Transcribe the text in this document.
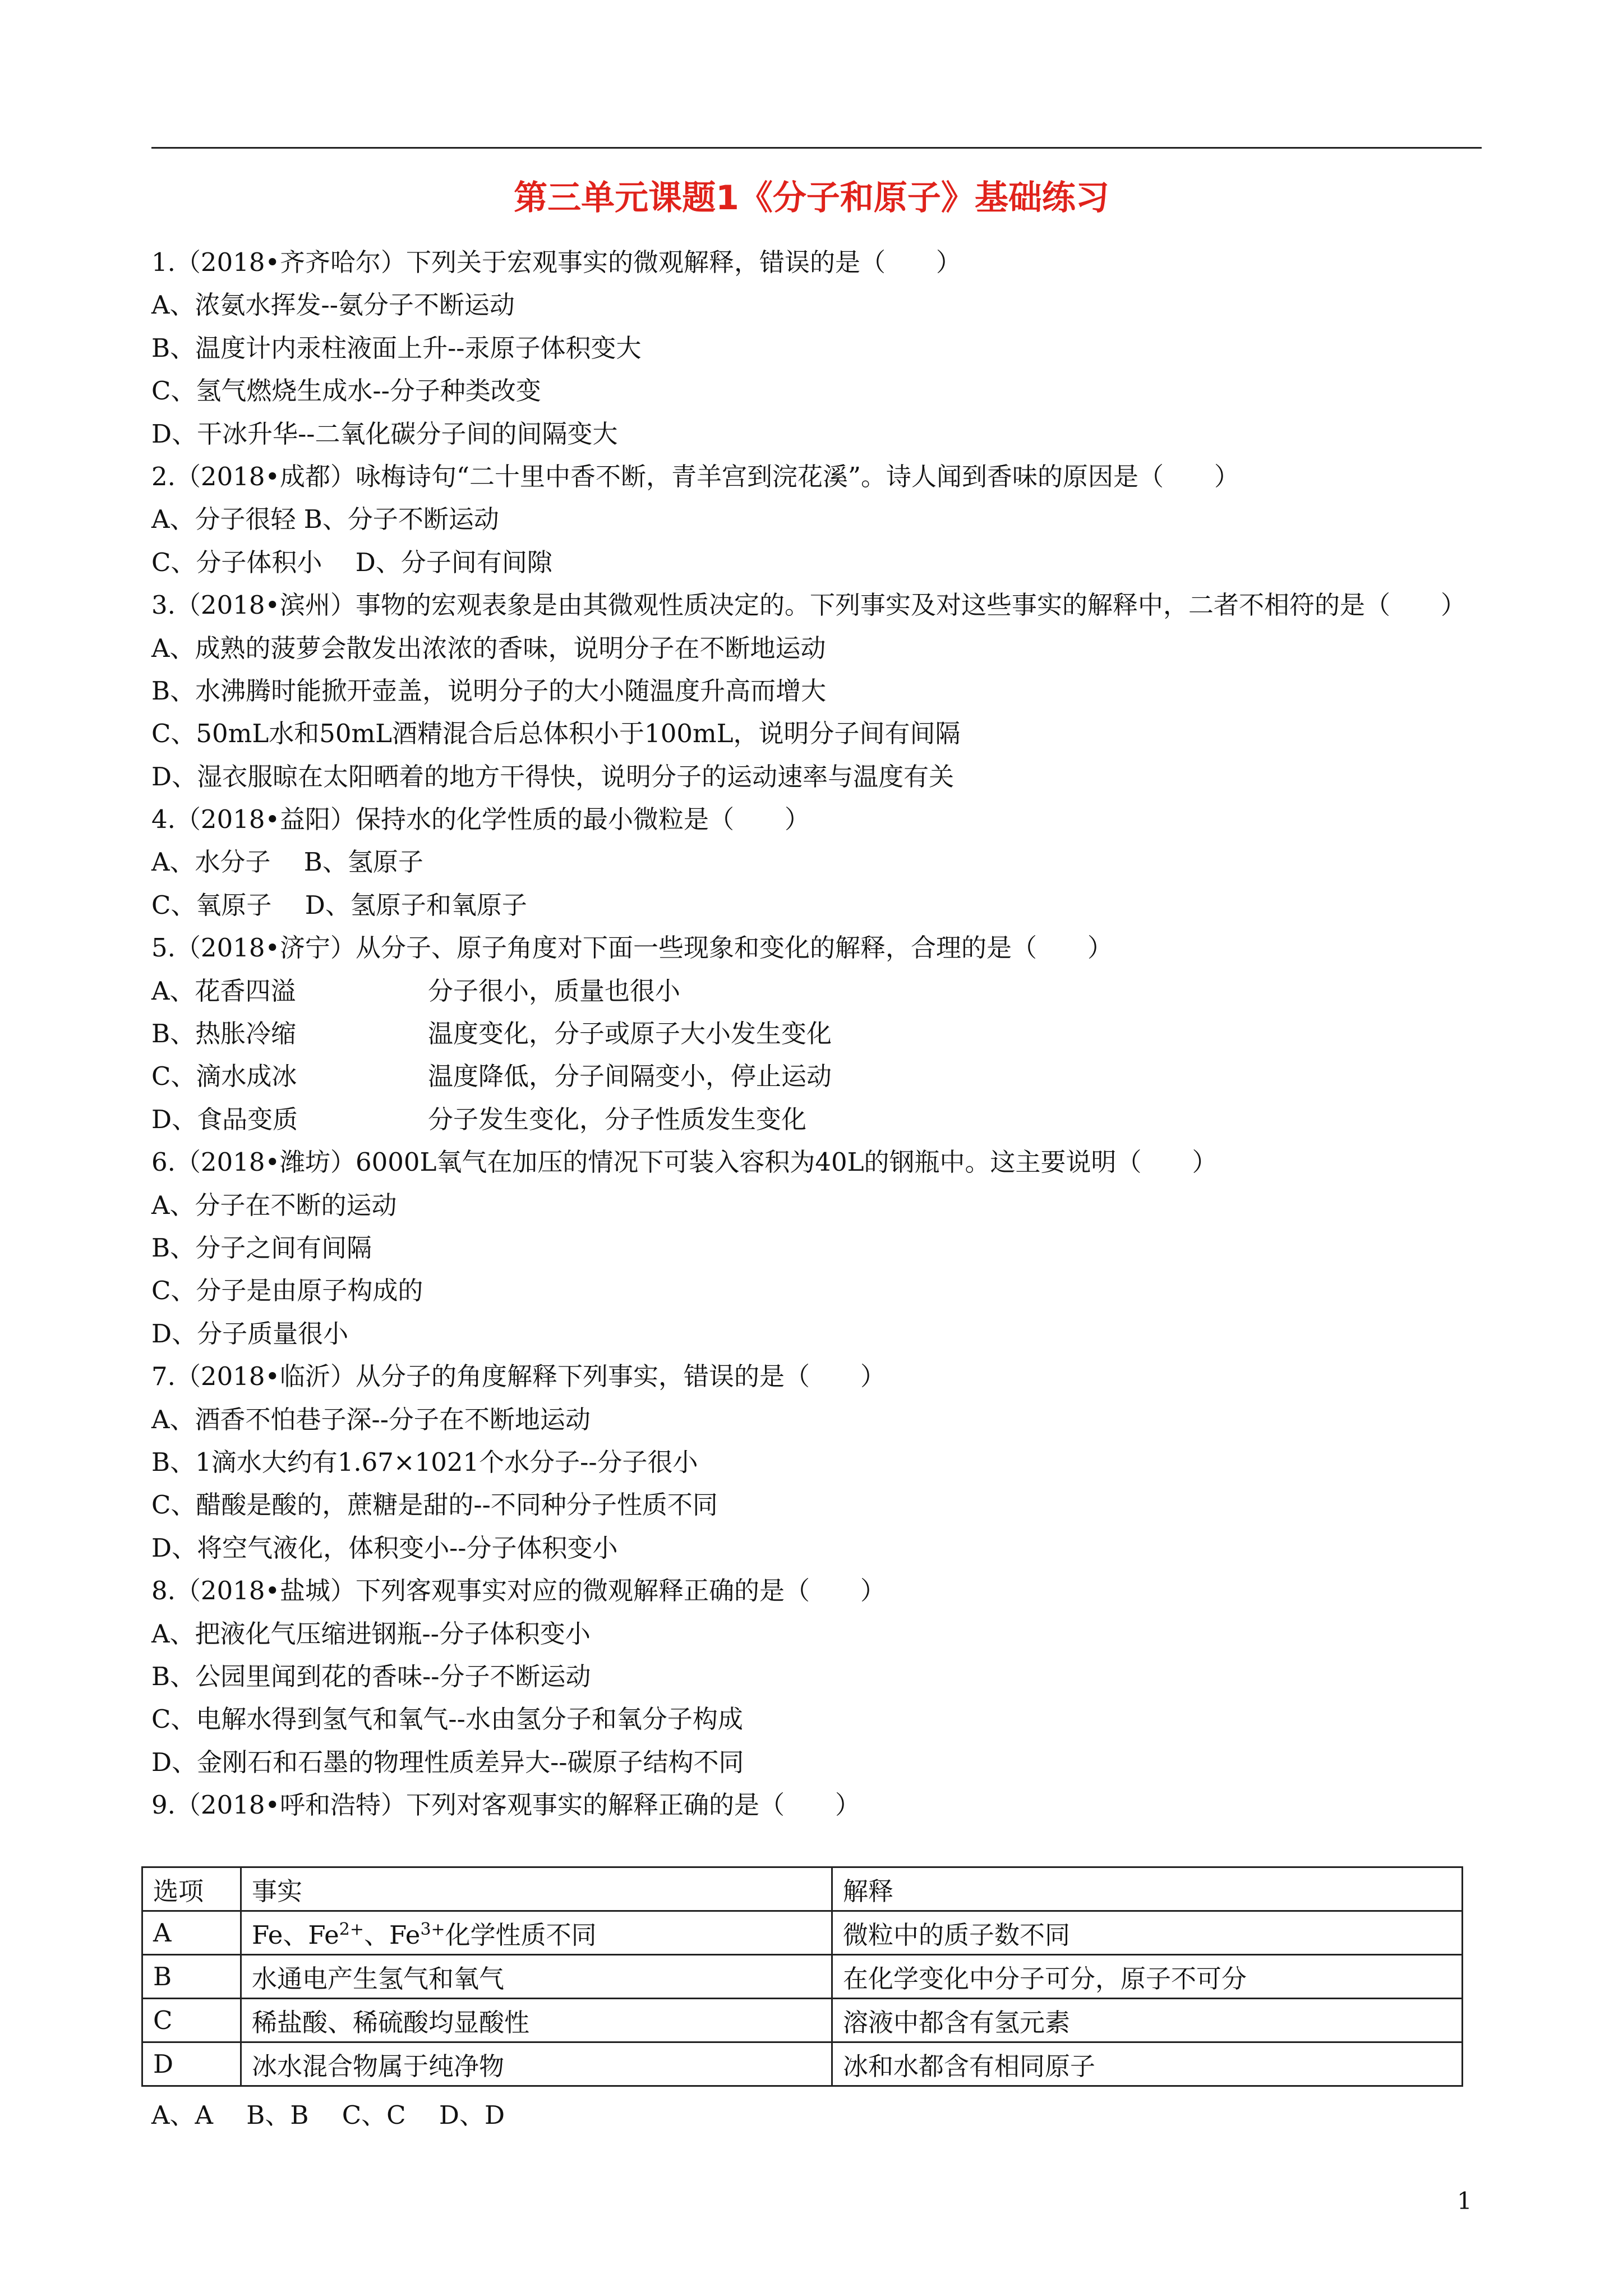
第三单元课题1《分子和原子》基础练习
1.（2018•齐齐哈尔）下列关于宏观事实的微观解释，错误的是（　　）
A、浓氨水挥发--氨分子不断运动
B、温度计内汞柱液面上升--汞原子体积变大
C、氢气燃烧生成水--分子种类改变
D、干冰升华--二氧化碳分子间的间隔变大
2.（2018•成都）咏梅诗句“二十里中香不断，青羊宫到浣花溪”。诗人闻到香味的原因是（　　）
A、分子很轻 B、分子不断运动
C、分子体积小　 D、分子间有间隙
3.（2018•滨州）事物的宏观表象是由其微观性质决定的。下列事实及对这些事实的解释中，二者不相符的是（　　）
A、成熟的菠萝会散发出浓浓的香味，说明分子在不断地运动
B、水沸腾时能掀开壶盖，说明分子的大小随温度升高而增大
C、50mL水和50mL酒精混合后总体积小于100mL，说明分子间有间隔
D、湿衣服晾在太阳晒着的地方干得快，说明分子的运动速率与温度有关
4.（2018•益阳）保持水的化学性质的最小微粒是（　　）
A、水分子　 B、氢原子
C、氧原子　 D、氢原子和氧原子
5.（2018•济宁）从分子、原子角度对下面一些现象和变化的解释，合理的是（　　）
A、花香四溢	分子很小，质量也很小
B、热胀冷缩	温度变化，分子或原子大小发生变化
C、滴水成冰	温度降低，分子间隔变小，停止运动
D、食品变质	分子发生变化，分子性质发生变化
6.（2018•潍坊）6000L氧气在加压的情况下可装入容积为40L的钢瓶中。这主要说明（　　）
A、分子在不断的运动
B、分子之间有间隔
C、分子是由原子构成的
D、分子质量很小
7.（2018•临沂）从分子的角度解释下列事实，错误的是（　　）
A、酒香不怕巷子深--分子在不断地运动
B、1滴水大约有1.67×1021个水分子--分子很小
C、醋酸是酸的，蔗糖是甜的--不同种分子性质不同
D、将空气液化，体积变小--分子体积变小
8.（2018•盐城）下列客观事实对应的微观解释正确的是（　　）
A、把液化气压缩进钢瓶--分子体积变小
B、公园里闻到花的香味--分子不断运动
C、电解水得到氢气和氧气--水由氢分子和氧分子构成
D、金刚石和石墨的物理性质差异大--碳原子结构不同
9.（2018•呼和浩特）下列对客观事实的解释正确的是（　　）
选项	事实	解释
A	Fe、$Fe^{2+}$、$Fe^{3+}$化学性质不同	微粒中的质子数不同
B	水通电产生氢气和氧气	在化学变化中分子可分，原子不可分
C	稀盐酸、稀硫酸均显酸性	溶液中都含有氢元素
D	冰水混合物属于纯净物	冰和水都含有相同原子
A、A　 B、B　 C、C　 D、D
1
